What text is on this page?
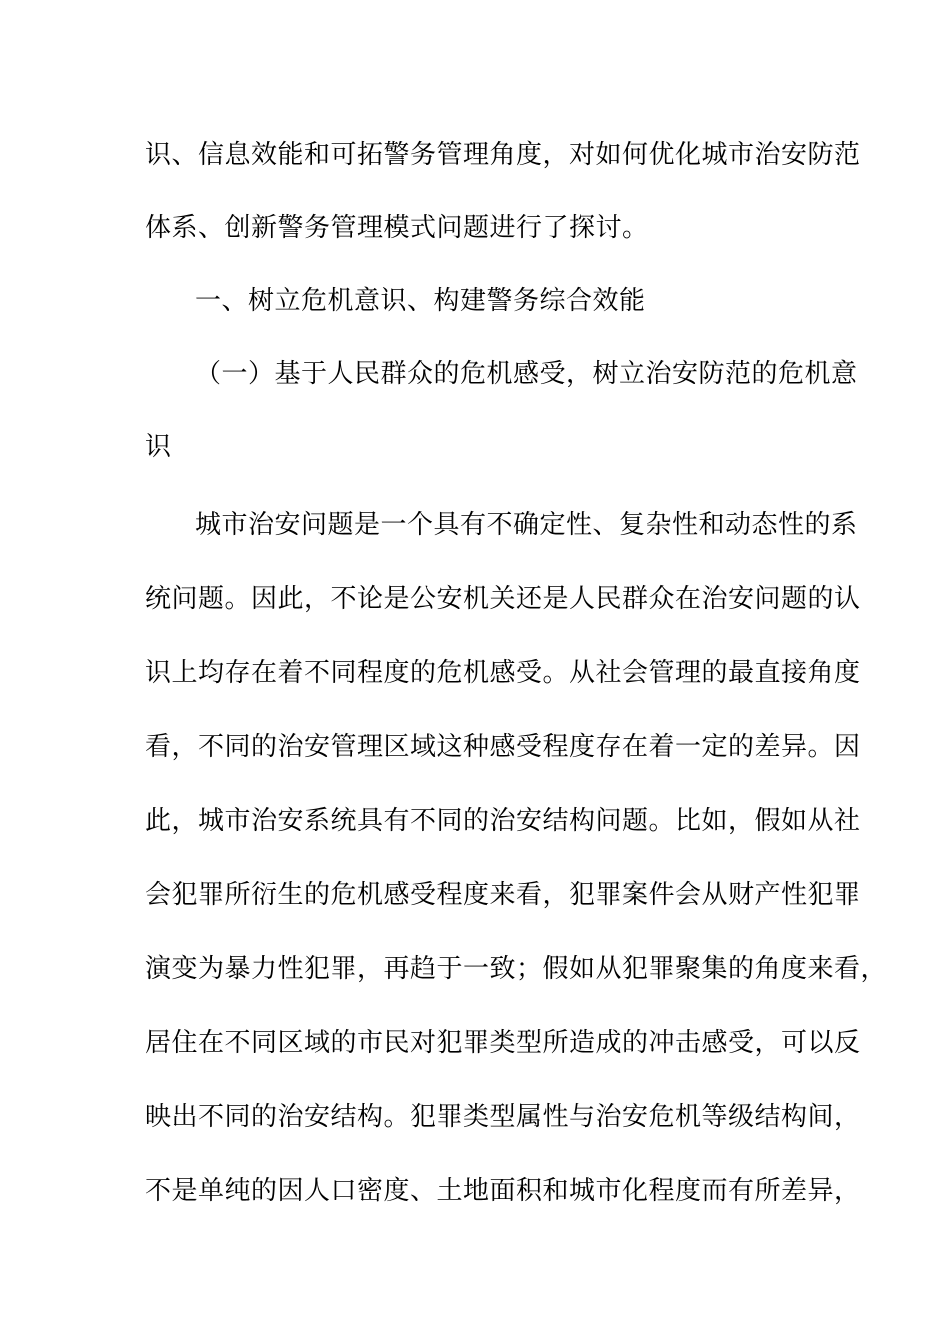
识、信息效能和可拓警务管理角度，对如何优化城市治安防范
体系、创新警务管理模式问题进行了探讨。
一、树立危机意识、构建警务综合效能
（一）基于人民群众的危机感受，树立治安防范的危机意
识
城市治安问题是一个具有不确定性、复杂性和动态性的系
统问题。因此，不论是公安机关还是人民群众在治安问题的认
识上均存在着不同程度的危机感受。从社会管理的最直接角度
看，不同的治安管理区域这种感受程度存在着一定的差异。因
此，城市治安系统具有不同的治安结构问题。比如，假如从社
会犯罪所衍生的危机感受程度来看，犯罪案件会从财产性犯罪
演变为暴力性犯罪，再趋于一致；假如从犯罪聚集的角度来看，
居住在不同区域的市民对犯罪类型所造成的冲击感受，可以反
映出不同的治安结构。犯罪类型属性与治安危机等级结构间，
不是单纯的因人口密度、土地面积和城市化程度而有所差异，
